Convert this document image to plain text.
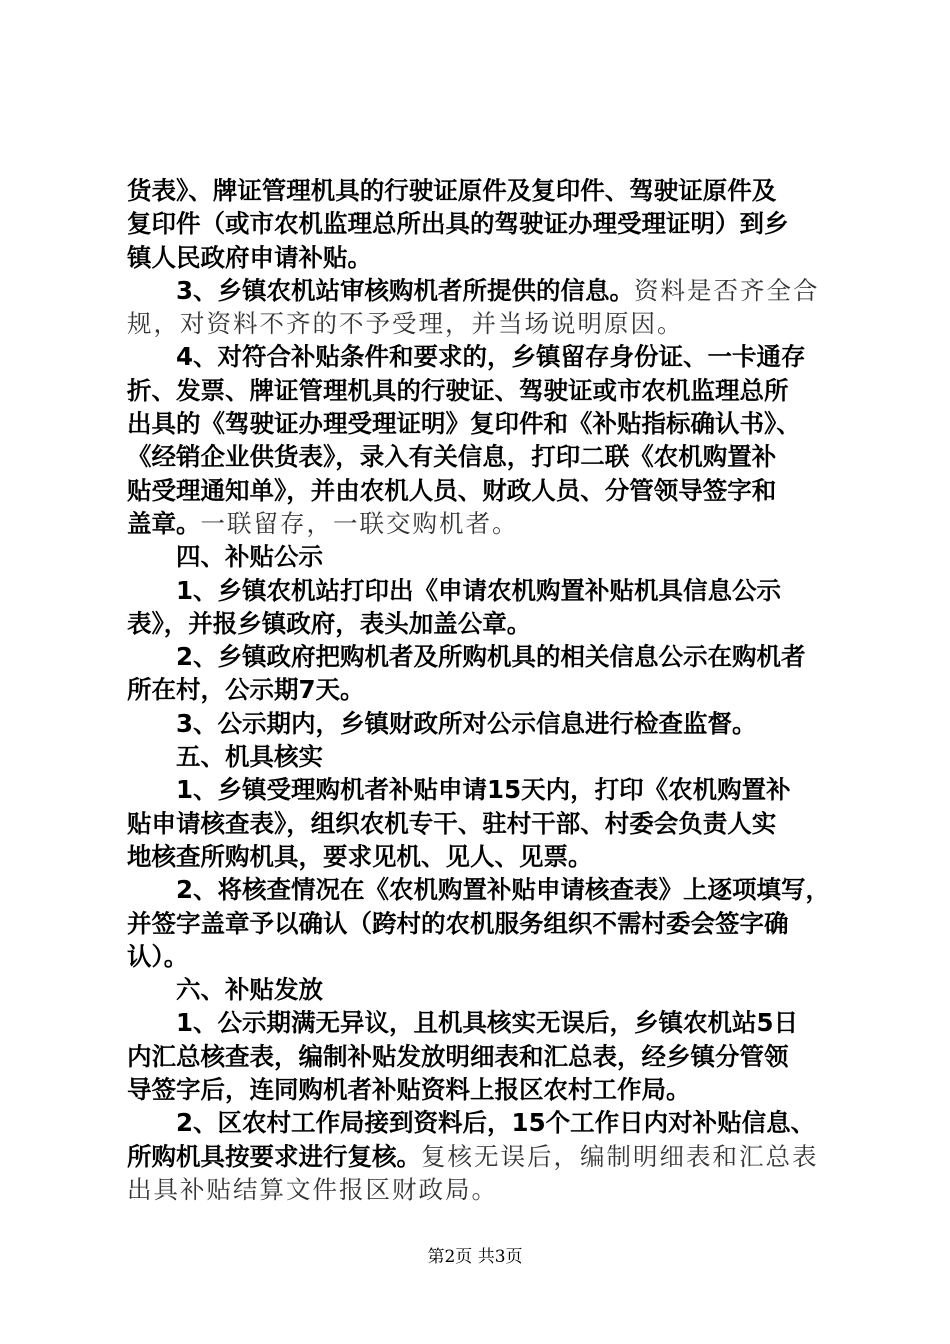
货表》、牌证管理机具的行驶证原件及复印件、驾驶证原件及
复印件（或市农机监理总所出具的驾驶证办理受理证明）到乡
镇人民政府申请补贴。
3、乡镇农机站审核购机者所提供的信息。资料是否齐全合
规，对资料不齐的不予受理，并当场说明原因。
4、对符合补贴条件和要求的，乡镇留存身份证、一卡通存
折、发票、牌证管理机具的行驶证、驾驶证或市农机监理总所
出具的《驾驶证办理受理证明》复印件和《补贴指标确认书》、
《经销企业供货表》，录入有关信息，打印二联《农机购置补
贴受理通知单》，并由农机人员、财政人员、分管领导签字和
盖章。一联留存，一联交购机者。
四、补贴公示
1、乡镇农机站打印出《申请农机购置补贴机具信息公示
表》，并报乡镇政府，表头加盖公章。
2、乡镇政府把购机者及所购机具的相关信息公示在购机者
所在村，公示期7天。
3、公示期内，乡镇财政所对公示信息进行检查监督。
五、机具核实
1、乡镇受理购机者补贴申请15天内，打印《农机购置补
贴申请核查表》，组织农机专干、驻村干部、村委会负责人实
地核查所购机具，要求见机、见人、见票。
2、将核查情况在《农机购置补贴申请核查表》上逐项填写，
并签字盖章予以确认（跨村的农机服务组织不需村委会签字确
认）。
六、补贴发放
1、公示期满无异议，且机具核实无误后，乡镇农机站5日
内汇总核查表，编制补贴发放明细表和汇总表，经乡镇分管领
导签字后，连同购机者补贴资料上报区农村工作局。
2、区农村工作局接到资料后，15个工作日内对补贴信息、
所购机具按要求进行复核。复核无误后，编制明细表和汇总表
出具补贴结算文件报区财政局。
第2页 共3页
